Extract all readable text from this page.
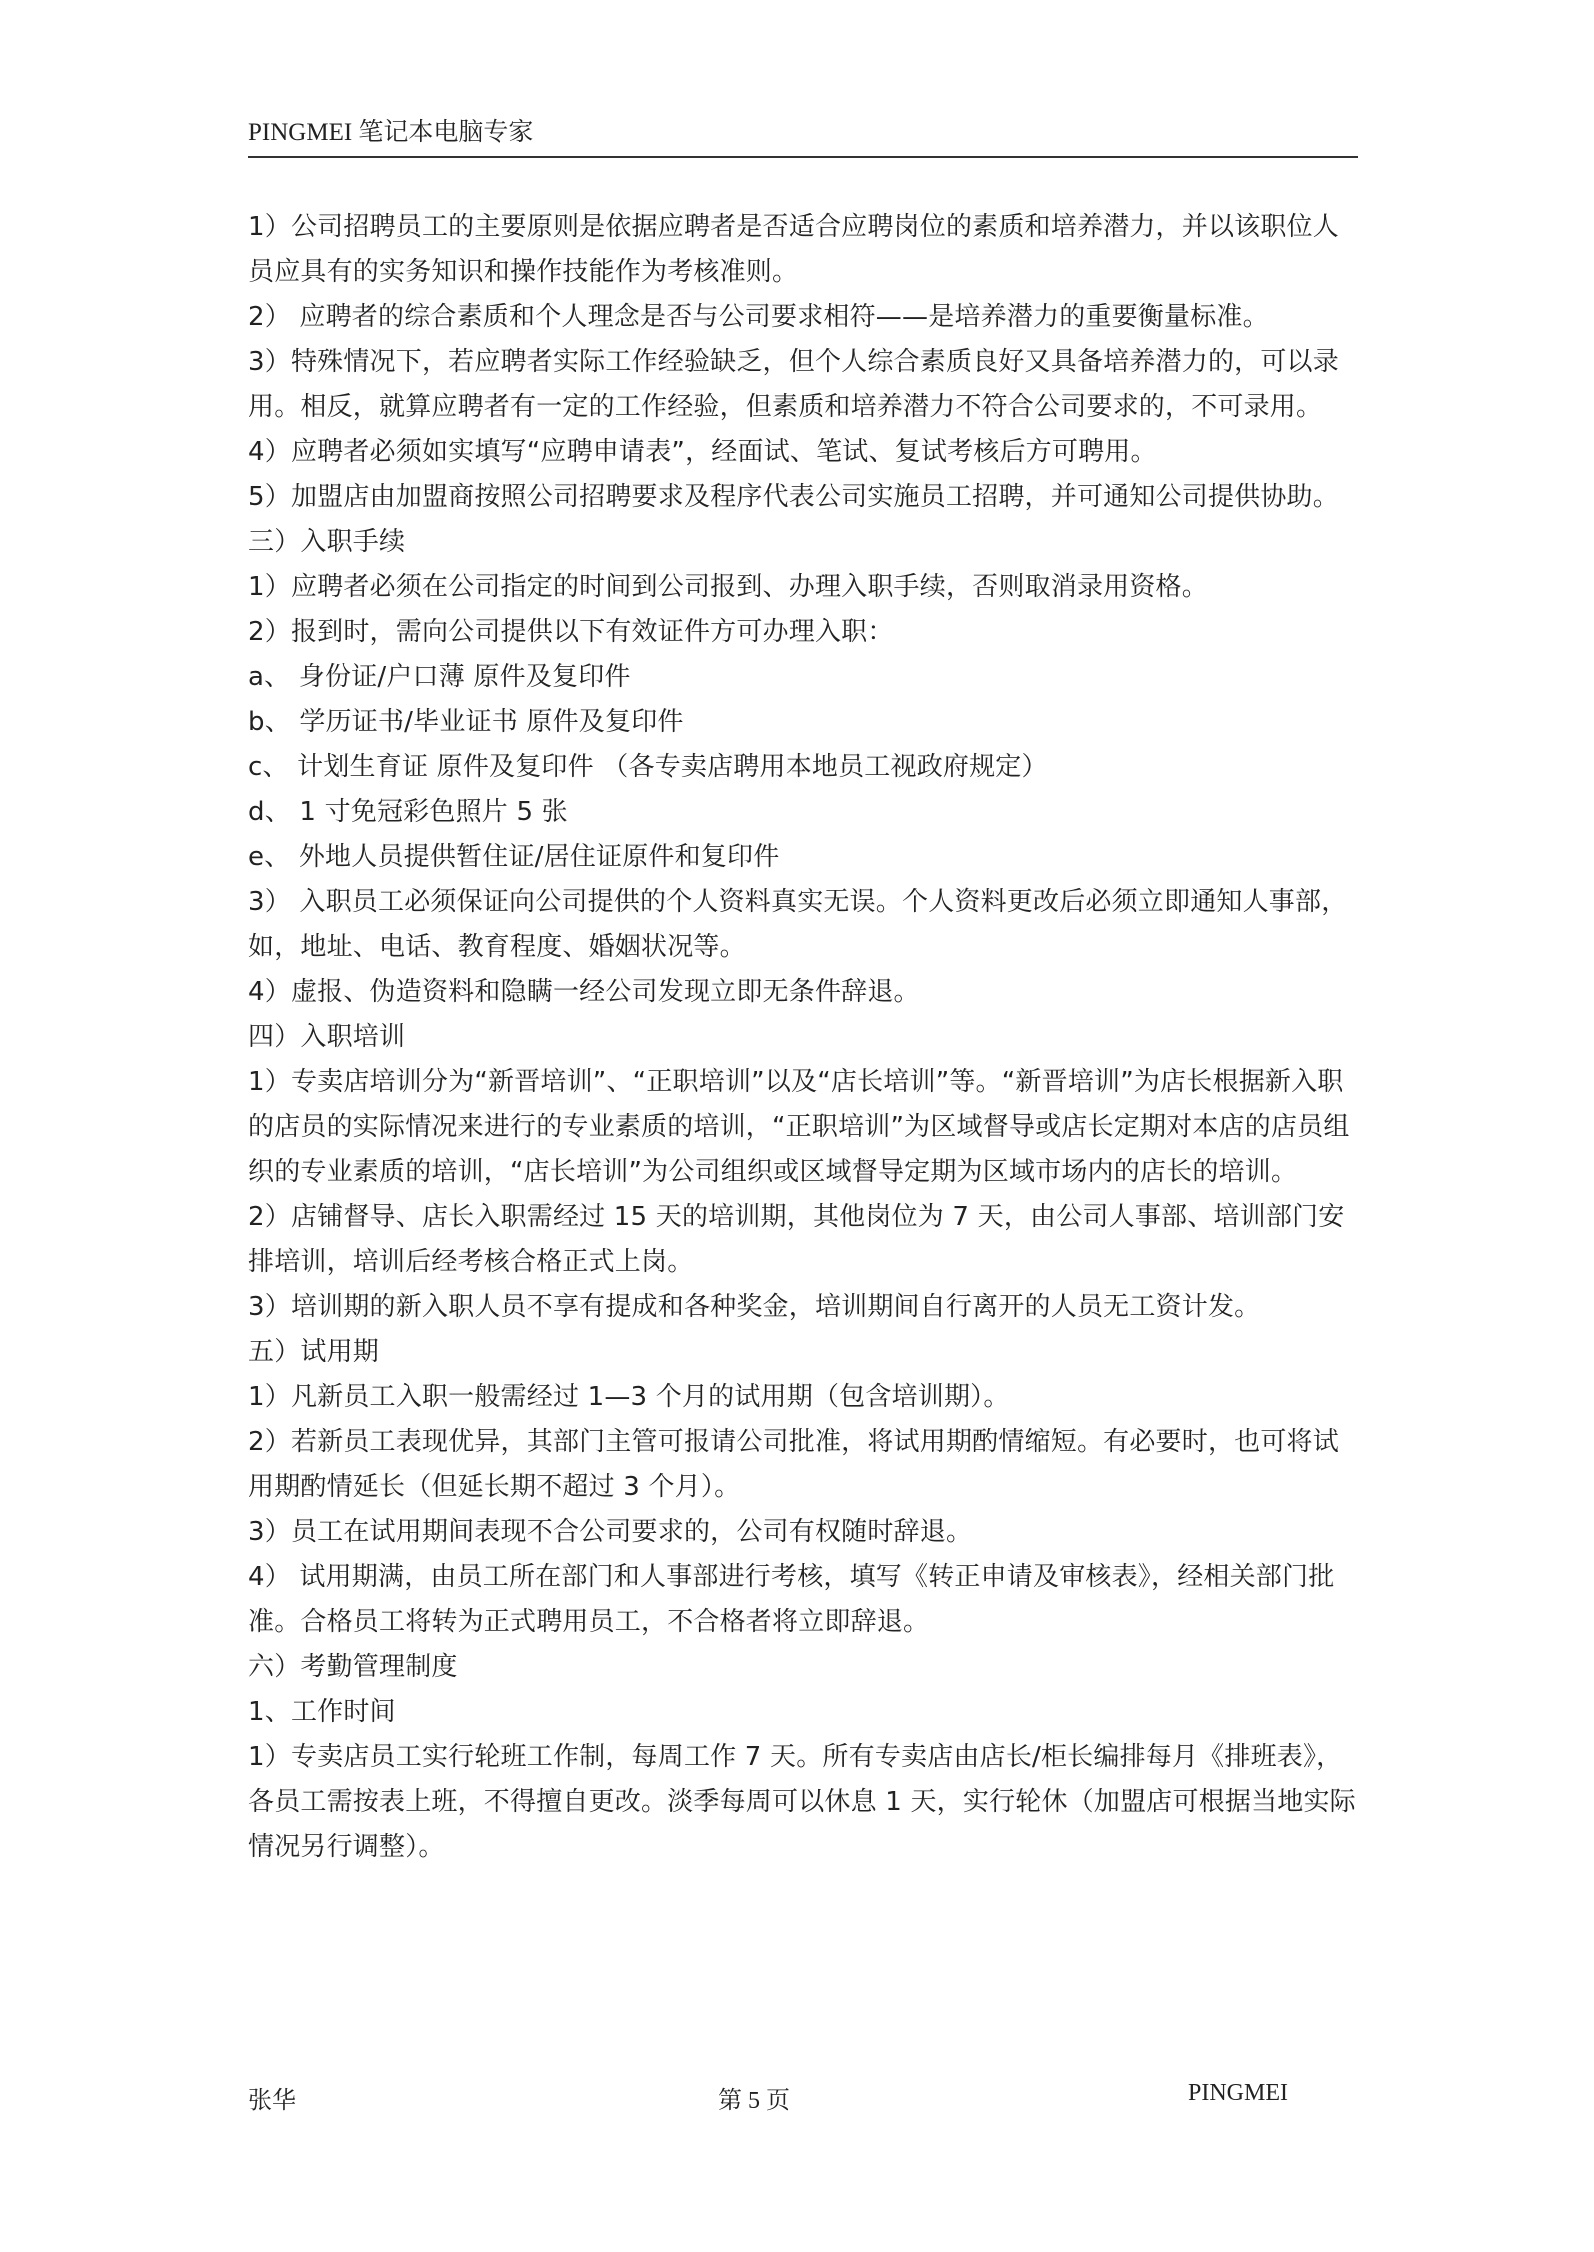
PINGMEI 笔记本电脑专家

1）公司招聘员工的主要原则是依据应聘者是否适合应聘岗位的素质和培养潜力，并以该职位人员应具有的实务知识和操作技能作为考核准则。

2） 应聘者的综合素质和个人理念是否与公司要求相符——是培养潜力的重要衡量标准。

3）特殊情况下，若应聘者实际工作经验缺乏，但个人综合素质良好又具备培养潜力的，可以录用。相反，就算应聘者有一定的工作经验，但素质和培养潜力不符合公司要求的，不可录用。

4）应聘者必须如实填写“应聘申请表”，经面试、笔试、复试考核后方可聘用。

5）加盟店由加盟商按照公司招聘要求及程序代表公司实施员工招聘，并可通知公司提供协助。

三）入职手续

1）应聘者必须在公司指定的时间到公司报到、办理入职手续，否则取消录用资格。

2）报到时，需向公司提供以下有效证件方可办理入职：

a、 身份证/户口薄 原件及复印件

b、 学历证书/毕业证书 原件及复印件

c、 计划生育证 原件及复印件 （各专卖店聘用本地员工视政府规定）

d、 1 寸免冠彩色照片 5 张

e、 外地人员提供暂住证/居住证原件和复印件

3） 入职员工必须保证向公司提供的个人资料真实无误。个人资料更改后必须立即通知人事部，如，地址、电话、教育程度、婚姻状况等。

4）虚报、伪造资料和隐瞒一经公司发现立即无条件辞退。

四）入职培训

1）专卖店培训分为“新晋培训”、“正职培训”以及“店长培训”等。“新晋培训”为店长根据新入职的店员的实际情况来进行的专业素质的培训，“正职培训”为区域督导或店长定期对本店的店员组织的专业素质的培训，“店长培训”为公司组织或区域督导定期为区域市场内的店长的培训。

2）店铺督导、店长入职需经过 15 天的培训期，其他岗位为 7 天，由公司人事部、培训部门安排培训，培训后经考核合格正式上岗。

3）培训期的新入职人员不享有提成和各种奖金，培训期间自行离开的人员无工资计发。

五）试用期

1）凡新员工入职一般需经过 1—3 个月的试用期（包含培训期）。

2）若新员工表现优异，其部门主管可报请公司批准，将试用期酌情缩短。有必要时，也可将试用期酌情延长（但延长期不超过 3 个月）。

3）员工在试用期间表现不合公司要求的，公司有权随时辞退。

4） 试用期满，由员工所在部门和人事部进行考核，填写《转正申请及审核表》，经相关部门批准。合格员工将转为正式聘用员工，不合格者将立即辞退。

六）考勤管理制度

1、工作时间

1）专卖店员工实行轮班工作制，每周工作 7 天。所有专卖店由店长/柜长编排每月《排班表》，各员工需按表上班，不得擅自更改。淡季每周可以休息 1 天，实行轮休（加盟店可根据当地实际情况另行调整）。

张华	第 5 页	PINGMEI
